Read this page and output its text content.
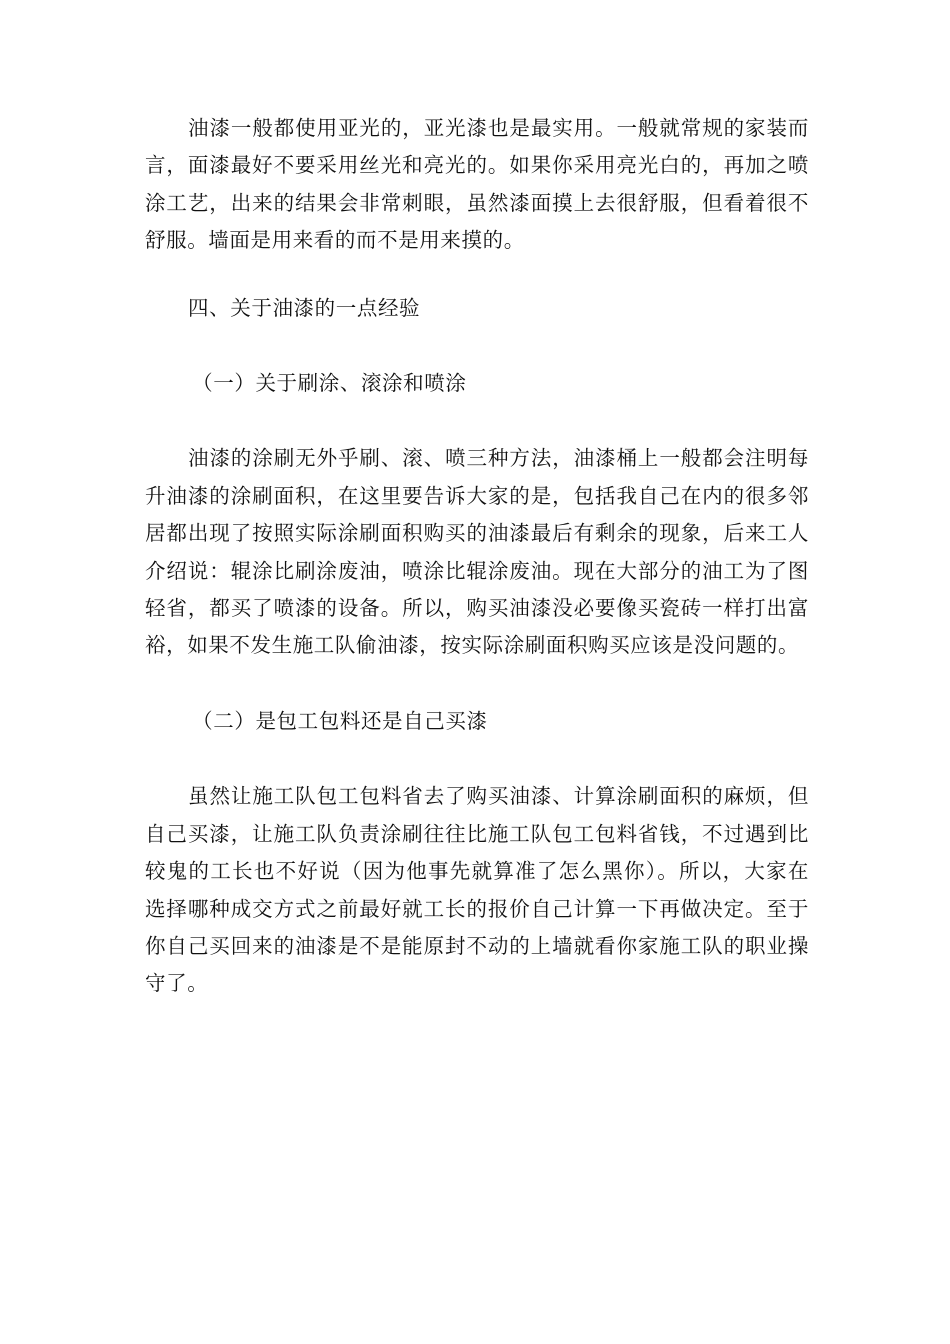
油漆一般都使用亚光的，亚光漆也是最实用。一般就常规的家装而言，面漆最好不要采用丝光和亮光的。如果你采用亮光白的，再加之喷涂工艺，出来的结果会非常刺眼，虽然漆面摸上去很舒服，但看着很不舒服。墙面是用来看的而不是用来摸的。

四、关于油漆的一点经验

（一）关于刷涂、滚涂和喷涂

油漆的涂刷无外乎刷、滚、喷三种方法，油漆桶上一般都会注明每升油漆的涂刷面积，在这里要告诉大家的是，包括我自己在内的很多邻居都出现了按照实际涂刷面积购买的油漆最后有剩余的现象，后来工人介绍说：辊涂比刷涂废油，喷涂比辊涂废油。现在大部分的油工为了图轻省，都买了喷漆的设备。所以，购买油漆没必要像买瓷砖一样打出富裕，如果不发生施工队偷油漆，按实际涂刷面积购买应该是没问题的。

（二）是包工包料还是自己买漆

虽然让施工队包工包料省去了购买油漆、计算涂刷面积的麻烦，但自己买漆，让施工队负责涂刷往往比施工队包工包料省钱，不过遇到比较鬼的工长也不好说（因为他事先就算准了怎么黑你）。所以，大家在选择哪种成交方式之前最好就工长的报价自己计算一下再做决定。至于你自己买回来的油漆是不是能原封不动的上墙就看你家施工队的职业操守了。
